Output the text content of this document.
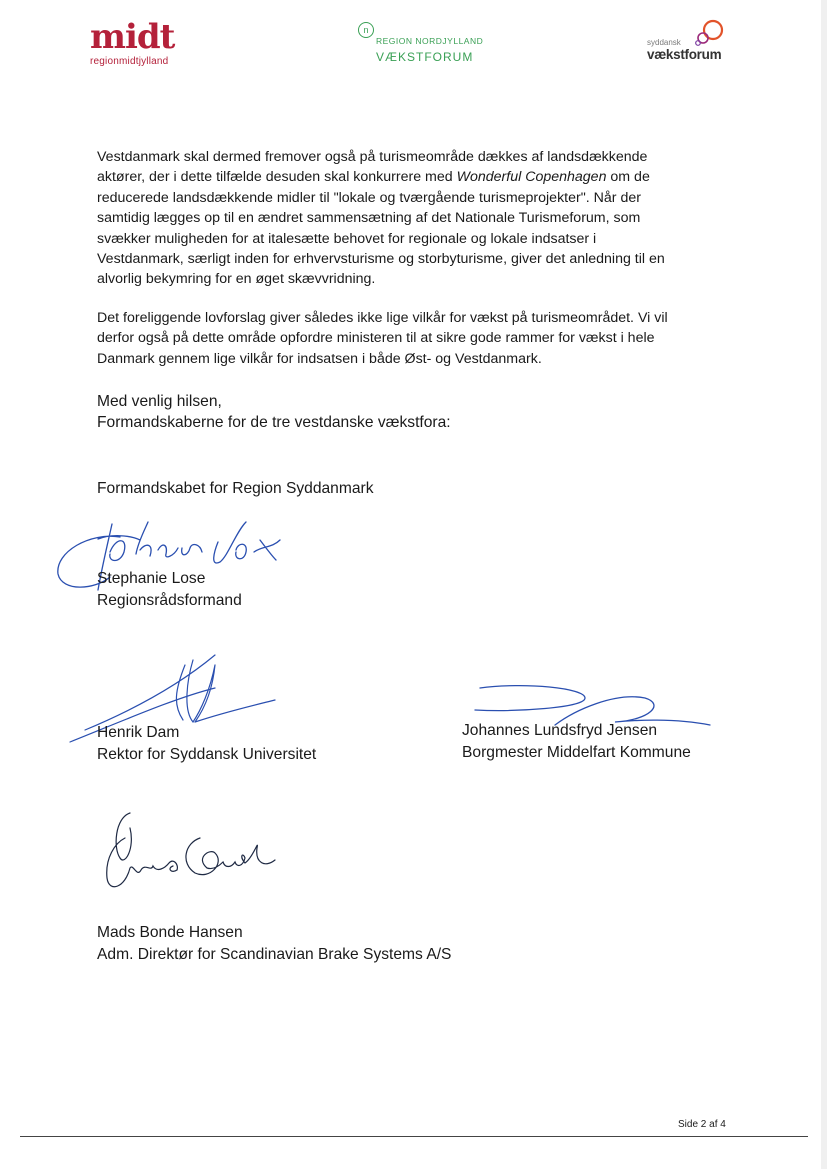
midt
regionmidtjylland
n
REGION NORDJYLLAND
VÆKSTFORUM
syddansk
vækstforum
Vestdanmark skal dermed fremover også på turismeområde dækkes af landsdækkende
aktører, der i dette tilfælde desuden skal konkurrere med Wonderful Copenhagen om de
reducerede landsdækkende midler til "lokale og tværgående turismeprojekter". Når der
samtidig lægges op til en ændret sammensætning af det Nationale Turismeforum, som
svækker muligheden for at italesætte behovet for regionale og lokale indsatser i
Vestdanmark, særligt inden for erhvervsturisme og storbyturisme, giver det anledning til en
alvorlig bekymring for en øget skævvridning.
Det foreliggende lovforslag giver således ikke lige vilkår for vækst på turismeområdet. Vi vil
derfor også på dette område opfordre ministeren til at sikre gode rammer for vækst i hele
Danmark gennem lige vilkår for indsatsen i både Øst- og Vestdanmark.
Med venlig hilsen,
Formandskaberne for de tre vestdanske vækstfora:
Formandskabet for Region Syddanmark
Stephanie Lose
Regionsrådsformand
Henrik Dam
Rektor for Syddansk Universitet
Johannes Lundsfryd Jensen
Borgmester Middelfart Kommune
Mads Bonde Hansen
Adm. Direktør for Scandinavian Brake Systems A/S
Side 2 af 4
